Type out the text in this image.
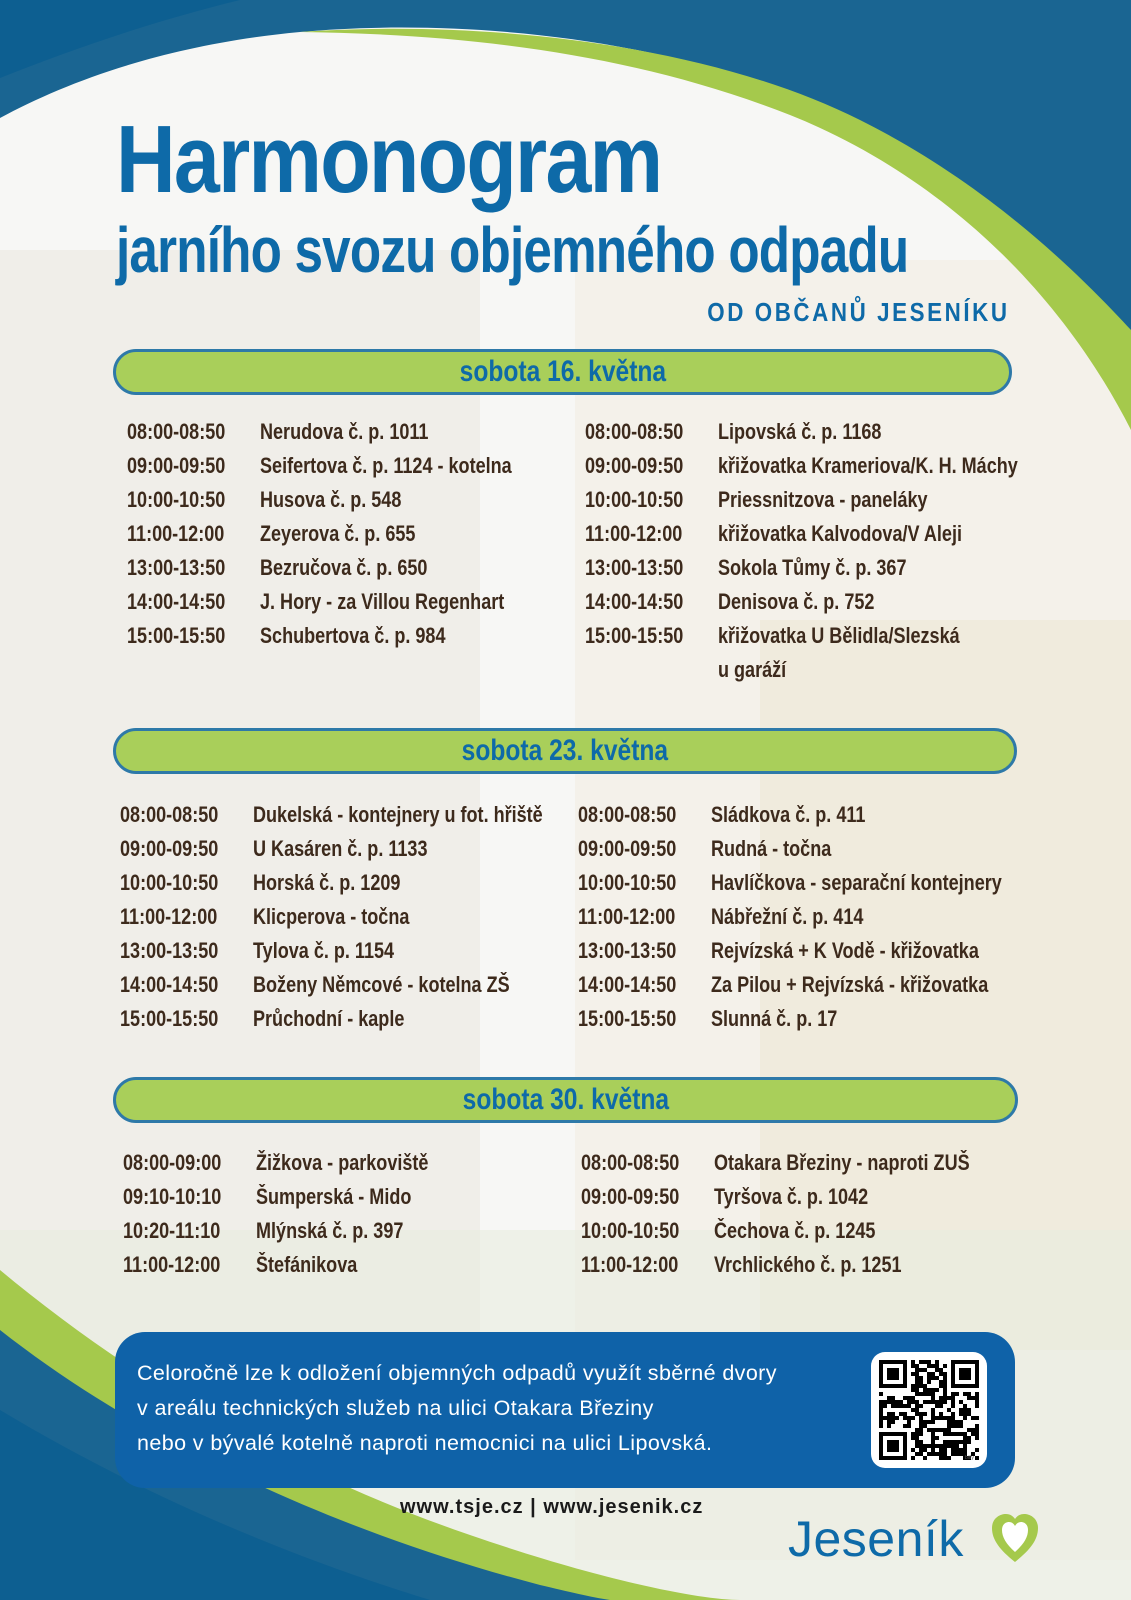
Harmonogram
jarního svozu objemného odpadu

OD OBČANŮ JESENÍKU

sobota 16. května
08:00-08:50	Nerudova č. p. 1011
09:00-09:50	Seifertova č. p. 1124 - kotelna
10:00-10:50	Husova č. p. 548
11:00-12:00	Zeyerova č. p. 655
13:00-13:50	Bezručova č. p. 650
14:00-14:50	J. Hory - za Villou Regenhart
15:00-15:50	Schubertova č. p. 984
08:00-08:50	Lipovská č. p. 1168
09:00-09:50	křižovatka Krameriova/K. H. Máchy
10:00-10:50	Priessnitzova - paneláky
11:00-12:00	křižovatka Kalvodova/V Aleji
13:00-13:50	Sokola Tůmy č. p. 367
14:00-14:50	Denisova č. p. 752
15:00-15:50	křižovatka U Bělidla/Slezská
u garáží
sobota 23. května
08:00-08:50	Dukelská - kontejnery u fot. hřiště
09:00-09:50	U Kasáren č. p. 1133
10:00-10:50	Horská č. p. 1209
11:00-12:00	Klicperova - točna
13:00-13:50	Tylova č. p. 1154
14:00-14:50	Boženy Němcové - kotelna ZŠ
15:00-15:50	Průchodní - kaple
08:00-08:50	Sládkova č. p. 411
09:00-09:50	Rudná - točna
10:00-10:50	Havlíčkova - separační kontejnery
11:00-12:00	Nábřežní č. p. 414
13:00-13:50	Rejvízská + K Vodě - křižovatka
14:00-14:50	Za Pilou + Rejvízská - křižovatka
15:00-15:50	Slunná č. p. 17
sobota 30. května
08:00-09:00	Žižkova - parkoviště
09:10-10:10	Šumperská - Mido
10:20-11:10	Mlýnská č. p. 397
11:00-12:00	Štefánikova
08:00-08:50	Otakara Březiny - naproti ZUŠ
09:00-09:50	Tyršova č. p. 1042
10:00-10:50	Čechova č. p. 1245
11:00-12:00	Vrchlického č. p. 1251

Celoročně lze k odložení objemných odpadů využít sběrné dvory
v areálu technických služeb na ulici Otakara Březiny
nebo v bývalé kotelně naproti nemocnici na ulici Lipovská.

bitly

www.tsje.cz | www.jesenik.cz

Jeseník
